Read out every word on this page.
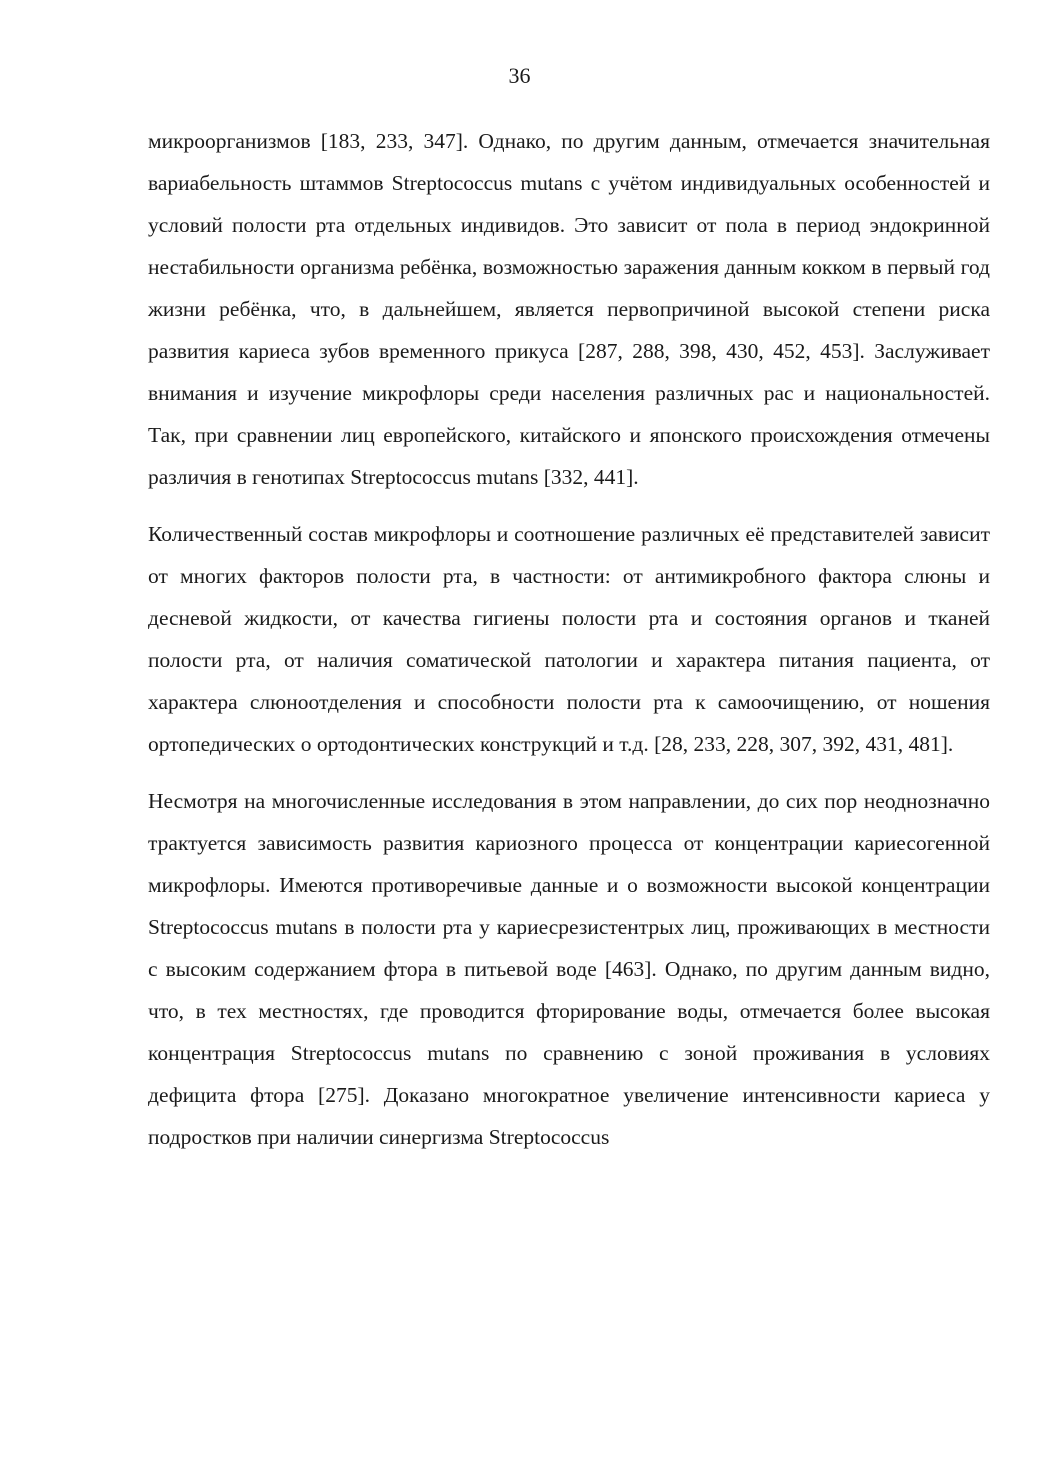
36

микроорганизмов [183, 233, 347]. Однако, по другим данным, отмечается значительная вариабельность штаммов Streptococcus mutans с учётом индивидуальных особенностей и условий полости рта отдельных индивидов. Это зависит от пола в период эндокринной нестабильности организма ребёнка, возможностью заражения данным кокком в первый год жизни ребёнка, что, в дальнейшем, является первопричиной высокой степени риска развития кариеса зубов временного прикуса [287, 288, 398, 430, 452, 453]. Заслуживает внимания и изучение микрофлоры среди населения различных рас и национальностей. Так, при сравнении лиц европейского, китайского и японского происхождения отмечены различия в генотипах Streptococcus mutans [332, 441].

Количественный состав микрофлоры и соотношение различных её представителей зависит от многих факторов полости рта, в частности: от антимикробного фактора слюны и десневой жидкости, от качества гигиены полости рта и состояния органов и тканей полости рта, от наличия соматической патологии и характера питания пациента, от характера слюноотделения и способности полости рта к самоочищению, от ношения ортопедических о ортодонтических конструкций и т.д. [28, 233, 228, 307, 392, 431, 481].

Несмотря на многочисленные исследования в этом направлении, до сих пор неоднозначно трактуется зависимость развития кариозного процесса от концентрации кариесогенной микрофлоры. Имеются противоречивые данные и о возможности высокой концентрации Streptococcus mutans в полости рта у кариесрезистентрых лиц, проживающих в местности с высоким содержанием фтора в питьевой воде [463]. Однако, по другим данным видно, что, в тех местностях, где проводится фторирование воды, отмечается более высокая концентрация Streptococcus mutans по сравнению с зоной проживания в условиях дефицита фтора [275]. Доказано многократное увеличение интенсивности кариеса у подростков при наличии синергизма Streptococcus
